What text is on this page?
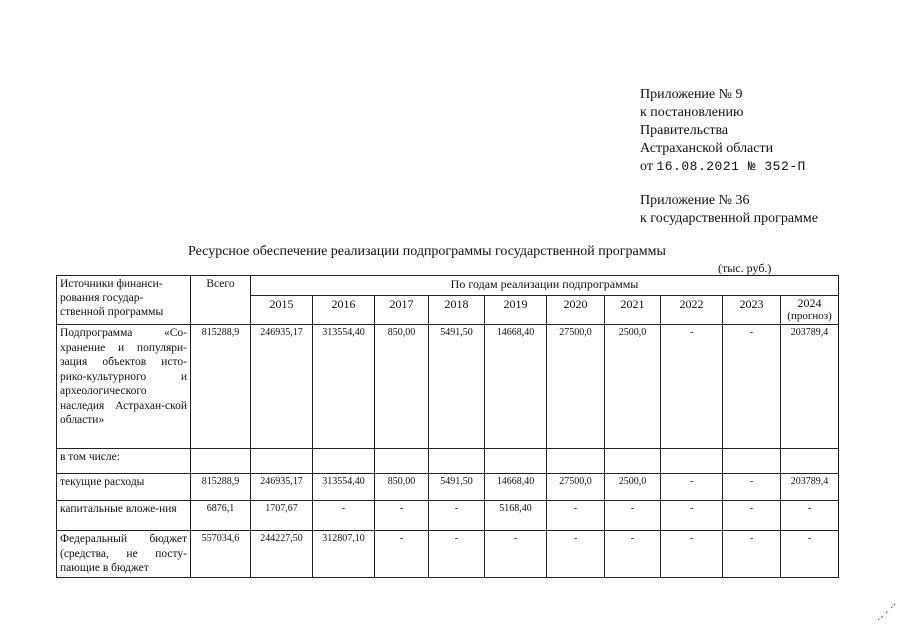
Приложение № 9
к постановлению
Правительства
Астраханской области
от 16.08.2021 № 352-П
Приложение № 36
к государственной программе
Ресурсное обеспечение реализации подпрограммы государственной программы
(тыс. руб.)
Источники финанси-рования государ-ственной программы	Всего	По годам реализации подпрограммы									
		2015	2016	2017	2018	2019	2020	2021	2022	2023	2024
(прогноз)

Подпрограмма «Со-хранение и популяри-зация объектов исто-рико-культурного и археологического наследия Астрахан-ской области»	815288,9	246935,17	313554,40	850,00	5491,50	14668,40	27500,0	2500,0	-	-	203789,4
в том числе:											
текущие расходы	815288,9	246935,17	313554,40	850,00	5491,50	14668,40	27500,0	2500,0	-	-	203789,4
капитальные вложе-ния	6876,1	1707,67	-	-	-	5168,40	-	-	-	-	-
Федеральный бюджет (средства, не посту-пающие в бюджет	557034,6	244227,50	312807,10	-	-	-	-	-	-	-	-
